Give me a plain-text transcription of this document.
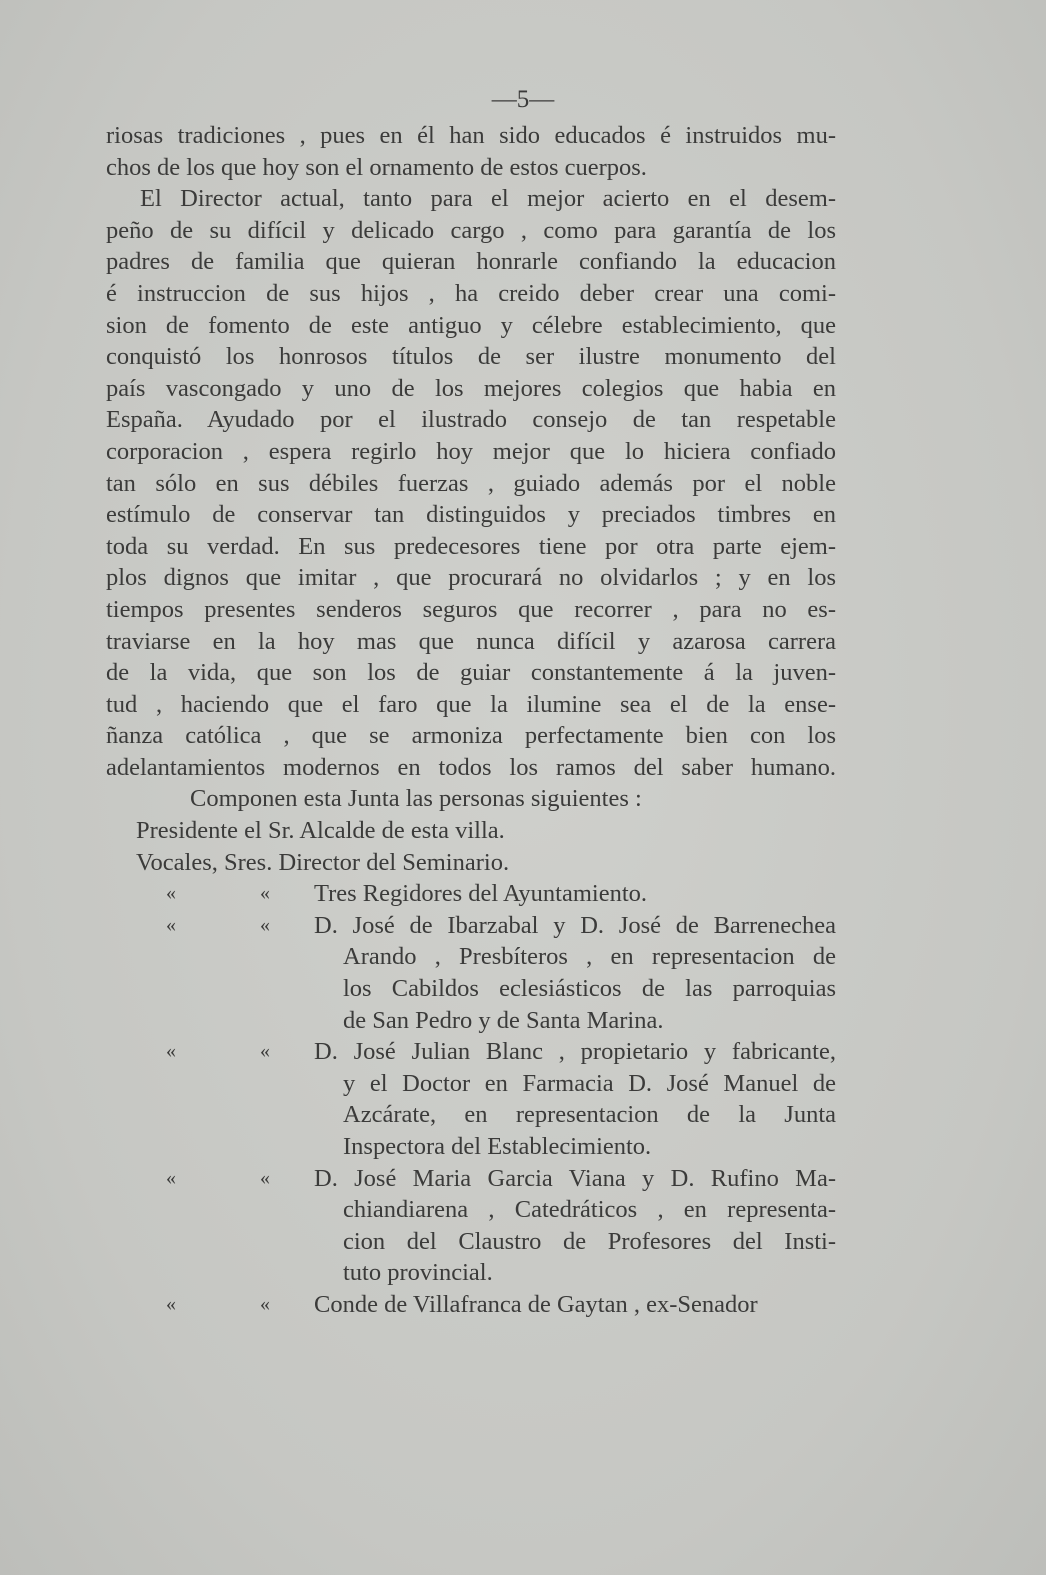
—5—
riosas tradiciones , pues en él han sido educados é instruidos mu-
chos de los que hoy son el ornamento de estos cuerpos.
El Director actual, tanto para el mejor acierto en el desem-
peño de su difícil y delicado cargo , como para garantía de los
padres de familia que quieran honrarle confiando la educacion
é instruccion de sus hijos , ha creido deber crear una comi-
sion de fomento de este antiguo y célebre establecimiento, que
conquistó los honrosos títulos de ser ilustre monumento del
país vascongado y uno de los mejores colegios que habia en
España. Ayudado por el ilustrado consejo de tan respetable
corporacion , espera regirlo hoy mejor que lo hiciera confiado
tan sólo en sus débiles fuerzas , guiado además por el noble
estímulo de conservar tan distinguidos y preciados timbres en
toda su verdad. En sus predecesores tiene por otra parte ejem-
plos dignos que imitar , que procurará no olvidarlos ; y en los
tiempos presentes senderos seguros que recorrer , para no es-
traviarse en la hoy mas que nunca difícil y azarosa carrera
de la vida, que son los de guiar constantemente á la juven-
tud , haciendo que el faro que la ilumine sea el de la ense-
ñanza católica , que se armoniza perfectamente bien con los
adelantamientos modernos en todos los ramos del saber humano.
Componen esta Junta las personas siguientes :
Presidente el Sr. Alcalde de esta villa.
Vocales, Sres. Director del Seminario.
«	« Tres Regidores del Ayuntamiento.
«	« D. José de Ibarzabal y D. José de Barrenechea
Arando , Presbíteros , en representacion de
los Cabildos eclesiásticos de las parroquias
de San Pedro y de Santa Marina.
«	« D. José Julian Blanc , propietario y fabricante,
y el Doctor en Farmacia D. José Manuel de
Azcárate, en representacion de la Junta
Inspectora del Establecimiento.
«	« D. José Maria Garcia Viana y D. Rufino Ma-
chiandiarena , Catedráticos , en representa-
cion del Claustro de Profesores del Insti-
tuto provincial.
«	« Conde de Villafranca de Gaytan , ex-Senador
